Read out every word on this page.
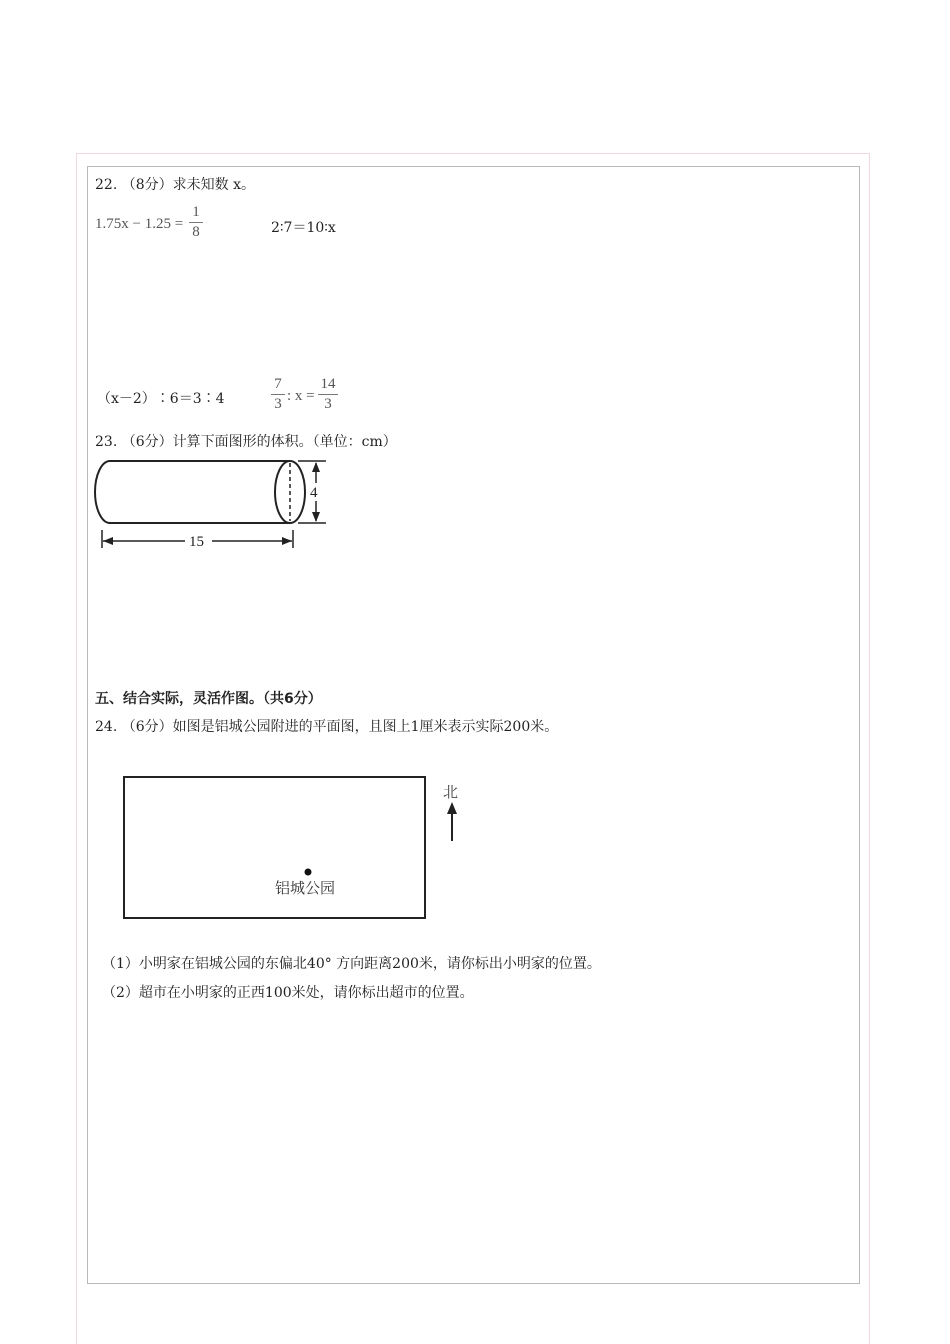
22. （8分）求未知数 x。
1.75x − 1.25 =
1
8	2∶7＝10∶x
（x－2）∶6＝3∶4
7
3 : x =
14
3
23. （6分）计算下面图形的体积。（单位：cm）
4
15
五、结合实际，灵活作图。（共6分）
24. （6分）如图是铝城公园附进的平面图，且图上1厘米表示实际200米。
铝城公园
北
（1）小明家在铝城公园的东偏北40° 方向距离200米，请你标出小明家的位置。
（2）超市在小明家的正西100米处，请你标出超市的位置。
